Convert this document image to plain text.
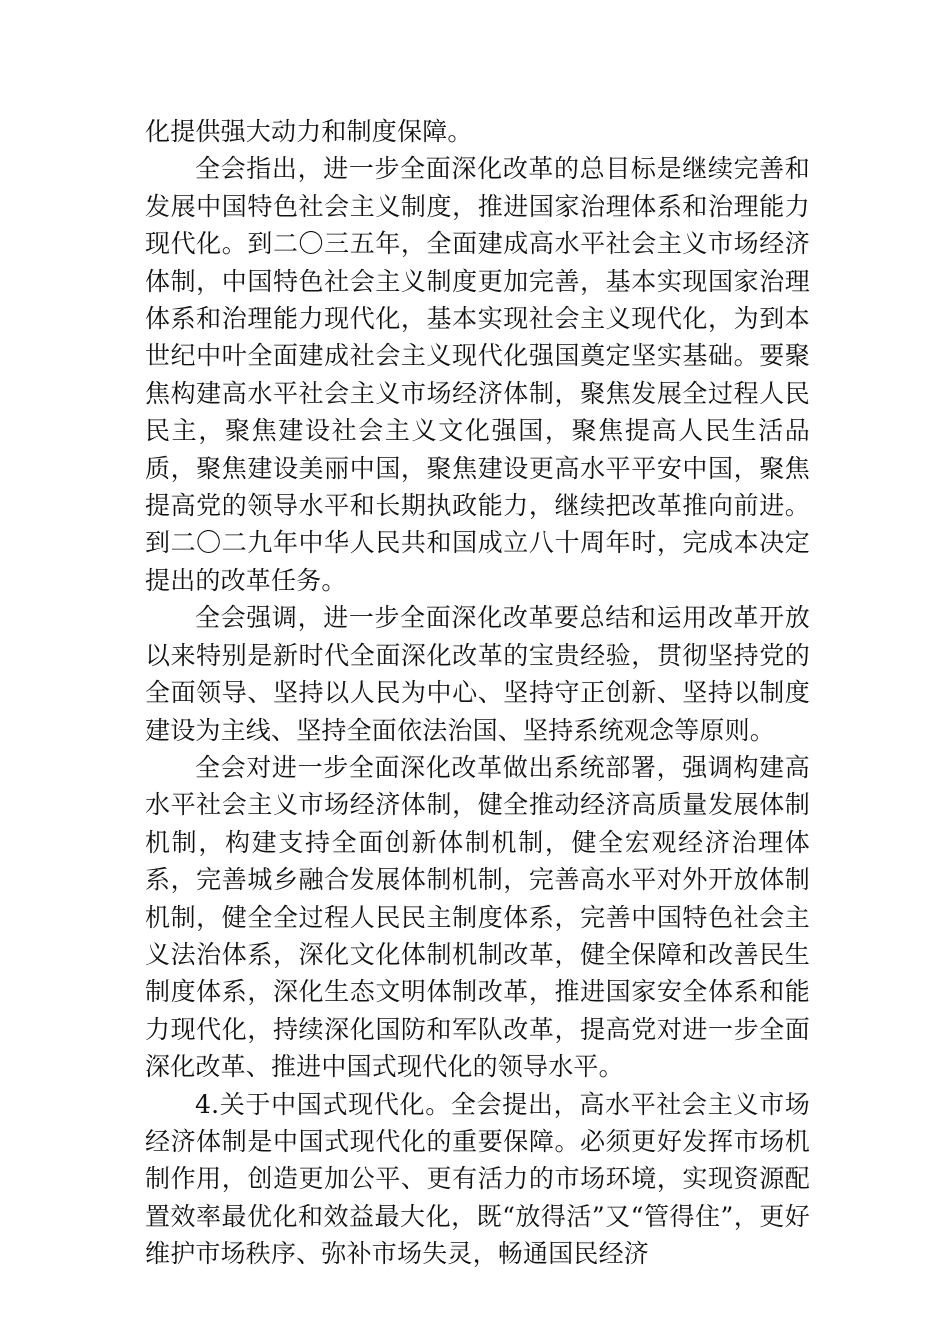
化提供强大动力和制度保障。

全会指出，进一步全面深化改革的总目标是继续完善和发展中国特色社会主义制度，推进国家治理体系和治理能力现代化。到二〇三五年，全面建成高水平社会主义市场经济体制，中国特色社会主义制度更加完善，基本实现国家治理体系和治理能力现代化，基本实现社会主义现代化，为到本世纪中叶全面建成社会主义现代化强国奠定坚实基础。要聚焦构建高水平社会主义市场经济体制，聚焦发展全过程人民民主，聚焦建设社会主义文化强国，聚焦提高人民生活品质，聚焦建设美丽中国，聚焦建设更高水平平安中国，聚焦提高党的领导水平和长期执政能力，继续把改革推向前进。到二〇二九年中华人民共和国成立八十周年时，完成本决定提出的改革任务。

全会强调，进一步全面深化改革要总结和运用改革开放以来特别是新时代全面深化改革的宝贵经验，贯彻坚持党的全面领导、坚持以人民为中心、坚持守正创新、坚持以制度建设为主线、坚持全面依法治国、坚持系统观念等原则。

全会对进一步全面深化改革做出系统部署，强调构建高水平社会主义市场经济体制，健全推动经济高质量发展体制机制，构建支持全面创新体制机制，健全宏观经济治理体系，完善城乡融合发展体制机制，完善高水平对外开放体制机制，健全全过程人民民主制度体系，完善中国特色社会主义法治体系，深化文化体制机制改革，健全保障和改善民生制度体系，深化生态文明体制改革，推进国家安全体系和能力现代化，持续深化国防和军队改革，提高党对进一步全面深化改革、推进中国式现代化的领导水平。

4.关于中国式现代化。全会提出，高水平社会主义市场经济体制是中国式现代化的重要保障。必须更好发挥市场机制作用，创造更加公平、更有活力的市场环境，实现资源配置效率最优化和效益最大化，既“放得活”又“管得住”，更好维护市场秩序、弥补市场失灵，畅通国民经济
